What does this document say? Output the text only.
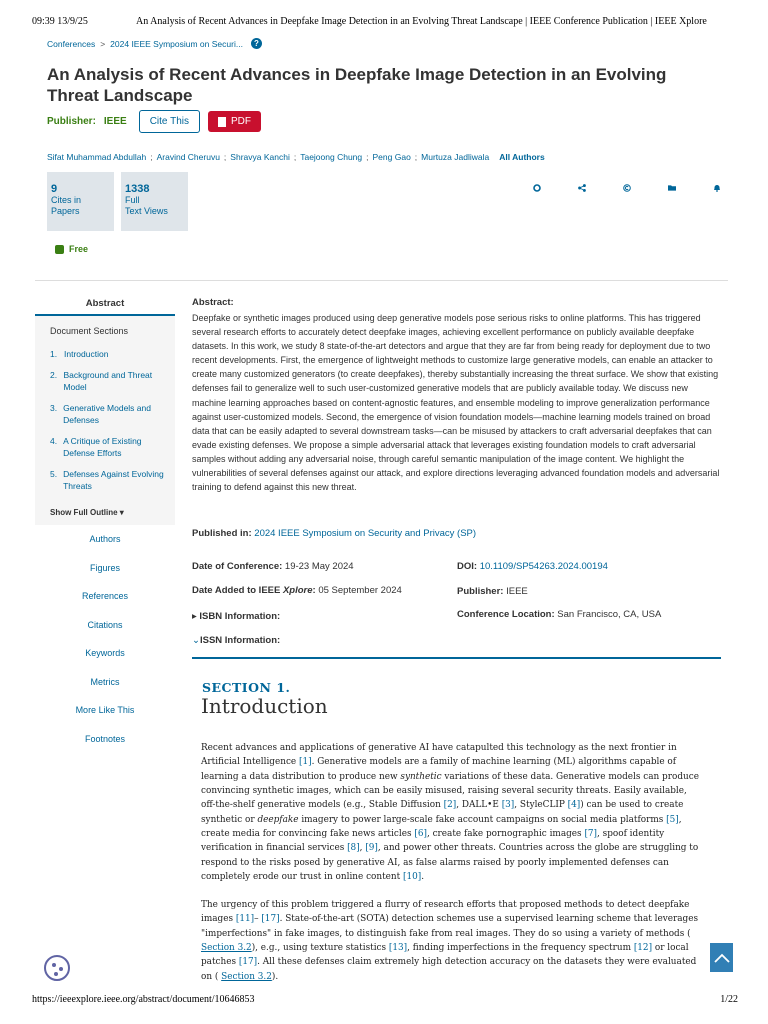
09:39 13/9/25	An Analysis of Recent Advances in Deepfake Image Detection in an Evolving Threat Landscape | IEEE Conference Publication | IEEE Xplore
Conferences > 2024 IEEE Symposium on Securi...	?
An Analysis of Recent Advances in Deepfake Image Detection in an Evolving Threat Landscape
Publisher: IEEE	Cite This	PDF
Sifat Muhammad Abdullah ; Aravind Cheruvu ; Shravya Kanchi ; Taejoong Chung ; Peng Gao ; Murtuza Jadliwala All Authors
9
Cites in
Papers
1338
Full
Text Views
Free
Abstract
Document Sections
1. Introduction
2. Background and Threat Model
3. Generative Models and Defenses
4. A Critique of Existing Defense Efforts
5. Defenses Against Evolving Threats
Show Full Outline ▾
Authors
Figures
References
Citations
Keywords
Metrics
More Like This
Footnotes
Abstract:
Deepfake or synthetic images produced using deep generative models pose serious risks to online platforms. This has triggered several research efforts to accurately detect deepfake images, achieving excellent performance on publicly available deepfake datasets. In this work, we study 8 state-of-the-art detectors and argue that they are far from being ready for deployment due to two recent developments. First, the emergence of lightweight methods to customize large generative models, can enable an attacker to create many customized generators (to create deepfakes), thereby substantially increasing the threat surface. We show that existing defenses fail to generalize well to such user-customized generative models that are publicly available today. We discuss new machine learning approaches based on content-agnostic features, and ensemble modeling to improve generalization performance against user-customized models. Second, the emergence of vision foundation models—machine learning models trained on broad data that can be easily adapted to several downstream tasks—can be misused by attackers to craft adversarial deepfakes that can evade existing defenses. We propose a simple adversarial attack that leverages existing foundation models to craft adversarial samples without adding any adversarial noise, through careful semantic manipulation of the image content. We highlight the vulnerabilities of several defenses against our attack, and explore directions leveraging advanced foundation models and adversarial training to defend against this new threat.
Published in: 2024 IEEE Symposium on Security and Privacy (SP)
Date of Conference: 19-23 May 2024	DOI: 10.1109/SP54263.2024.00194
Date Added to IEEE Xplore: 05 September 2024	Publisher: IEEE
▸ ISBN Information:	Conference Location: San Francisco, CA, USA
⌄ISSN Information:
SECTION 1.
Introduction

Recent advances and applications of generative AI have catapulted this technology as the next frontier in Artificial Intelligence [1]. Generative models are a family of machine learning (ML) algorithms capable of learning a data distribution to produce new synthetic variations of these data. Generative models can produce convincing synthetic images, which can be easily misused, raising several security threats. Easily available, off-the-shelf generative models (e.g., Stable Diffusion [2], DALL•E [3], StyleCLIP [4]) can be used to create synthetic or deepfake imagery to power large-scale fake account campaigns on social media platforms [5], create media for convincing fake news articles [6], create fake pornographic images [7], spoof identity verification in financial services [8], [9], and power other threats. Countries across the globe are struggling to respond to the risks posed by generative AI, as false alarms raised by poorly implemented defenses can completely erode our trust in online content [10].

The urgency of this problem triggered a flurry of research efforts that proposed methods to detect deepfake images [11]– [17]. State-of-the-art (SOTA) detection schemes use a supervised learning scheme that leverages "imperfections" in fake images, to distinguish fake from real images. They do so using a variety of methods ( Section 3.2), e.g., using texture statistics [13], finding imperfections in the frequency spectrum [12] or local patches [17]. All these defenses claim extremely high detection accuracy on the datasets they were evaluated on ( Section 3.2).

https://ieeexplore.ieee.org/abstract/document/10646853	1/22
